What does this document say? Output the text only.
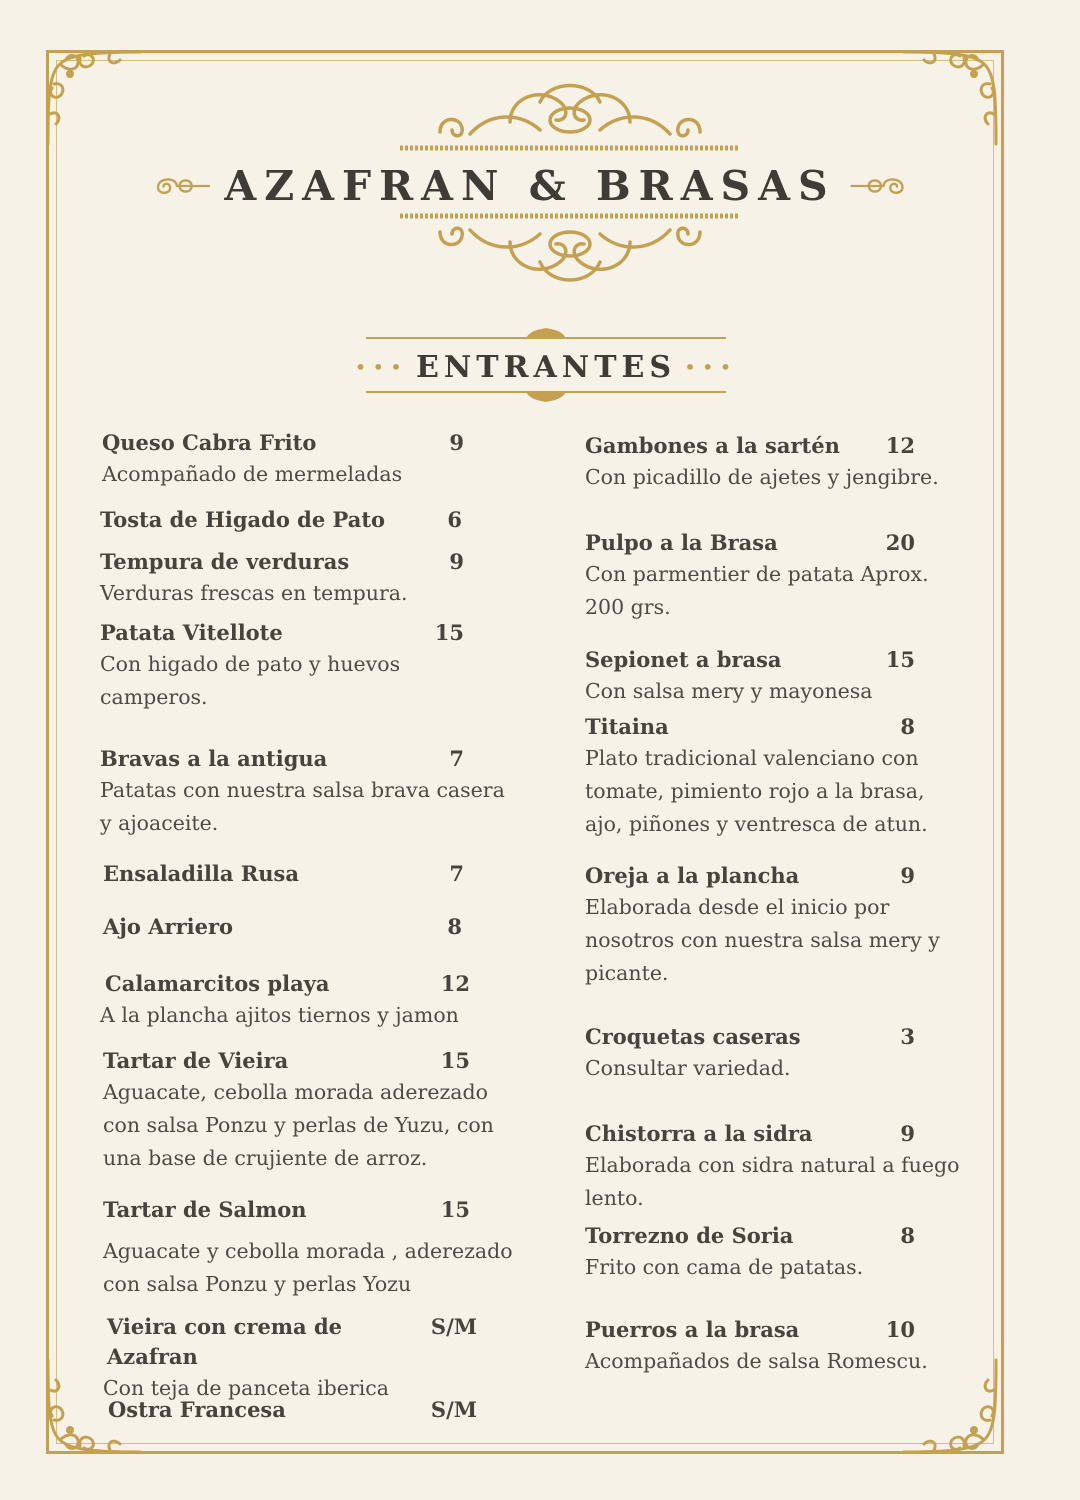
AZAFRAN & BRASAS
••• ENTRANTES •••
Queso Cabra Frito	9
Acompañado de mermeladas
Tosta de Higado de Pato	6
Tempura de verduras	9
Verduras frescas en tempura.
Patata Vitellote	15
Con higado de pato y huevos
camperos.
Bravas a la antigua	7
Patatas con nuestra salsa brava casera
y ajoaceite.
Ensaladilla Rusa	7
Ajo Arriero	8
Calamarcitos playa	12
A la plancha ajitos tiernos y jamon
Tartar de Vieira	15
Aguacate, cebolla morada aderezado
con salsa Ponzu y perlas de Yuzu, con
una base de crujiente de arroz.
Tartar de Salmon	15
Aguacate y cebolla morada , aderezado
con salsa Ponzu y perlas Yozu
Vieira con crema de Azafran
S/M
Con teja de panceta iberica
Ostra Francesa	S/M
Gambones a la sartén 12
Con picadillo de ajetes y jengibre.
Pulpo a la Brasa	20
Con parmentier de patata Aprox.
200 grs.
Sepionet a brasa	15
Con salsa mery y mayonesa
Titaina	8
Plato tradicional valenciano con
tomate, pimiento rojo a la brasa,
ajo, piñones y ventresca de atun.
Oreja a la plancha	9
Elaborada desde el inicio por
nosotros con nuestra salsa mery y
picante.
Croquetas caseras	3
Consultar variedad.
Chistorra a la sidra	9
Elaborada con sidra natural a fuego
lento.
Torrezno de Soria	8
Frito con cama de patatas.
Puerros a la brasa	10
Acompañados de salsa Romescu.
